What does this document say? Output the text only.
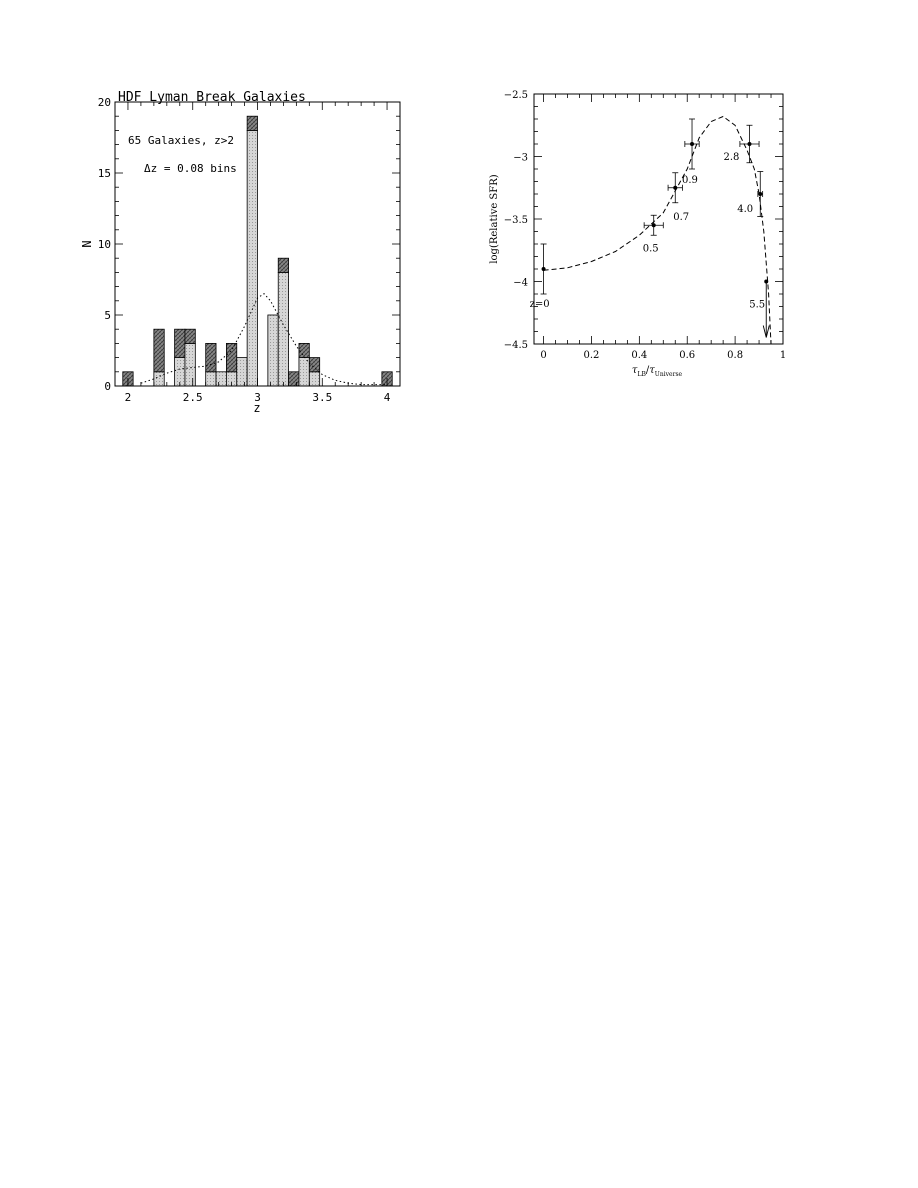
HDF Lyman Break Galaxies
65 Galaxies, z>2
Δz = 0.08 bins
2	2.5	3	3.5	4
0
5
10
15
20
z
N
z=0
0.5
0.7
0.9
2.8
4.0
5.5
0	0.2	0.4	0.6	0.8	1
−2.5
−3
−3.5
−4
−4.5
log(Relative SFR)
$\tau_{LB}/\tau_{Universe}$
